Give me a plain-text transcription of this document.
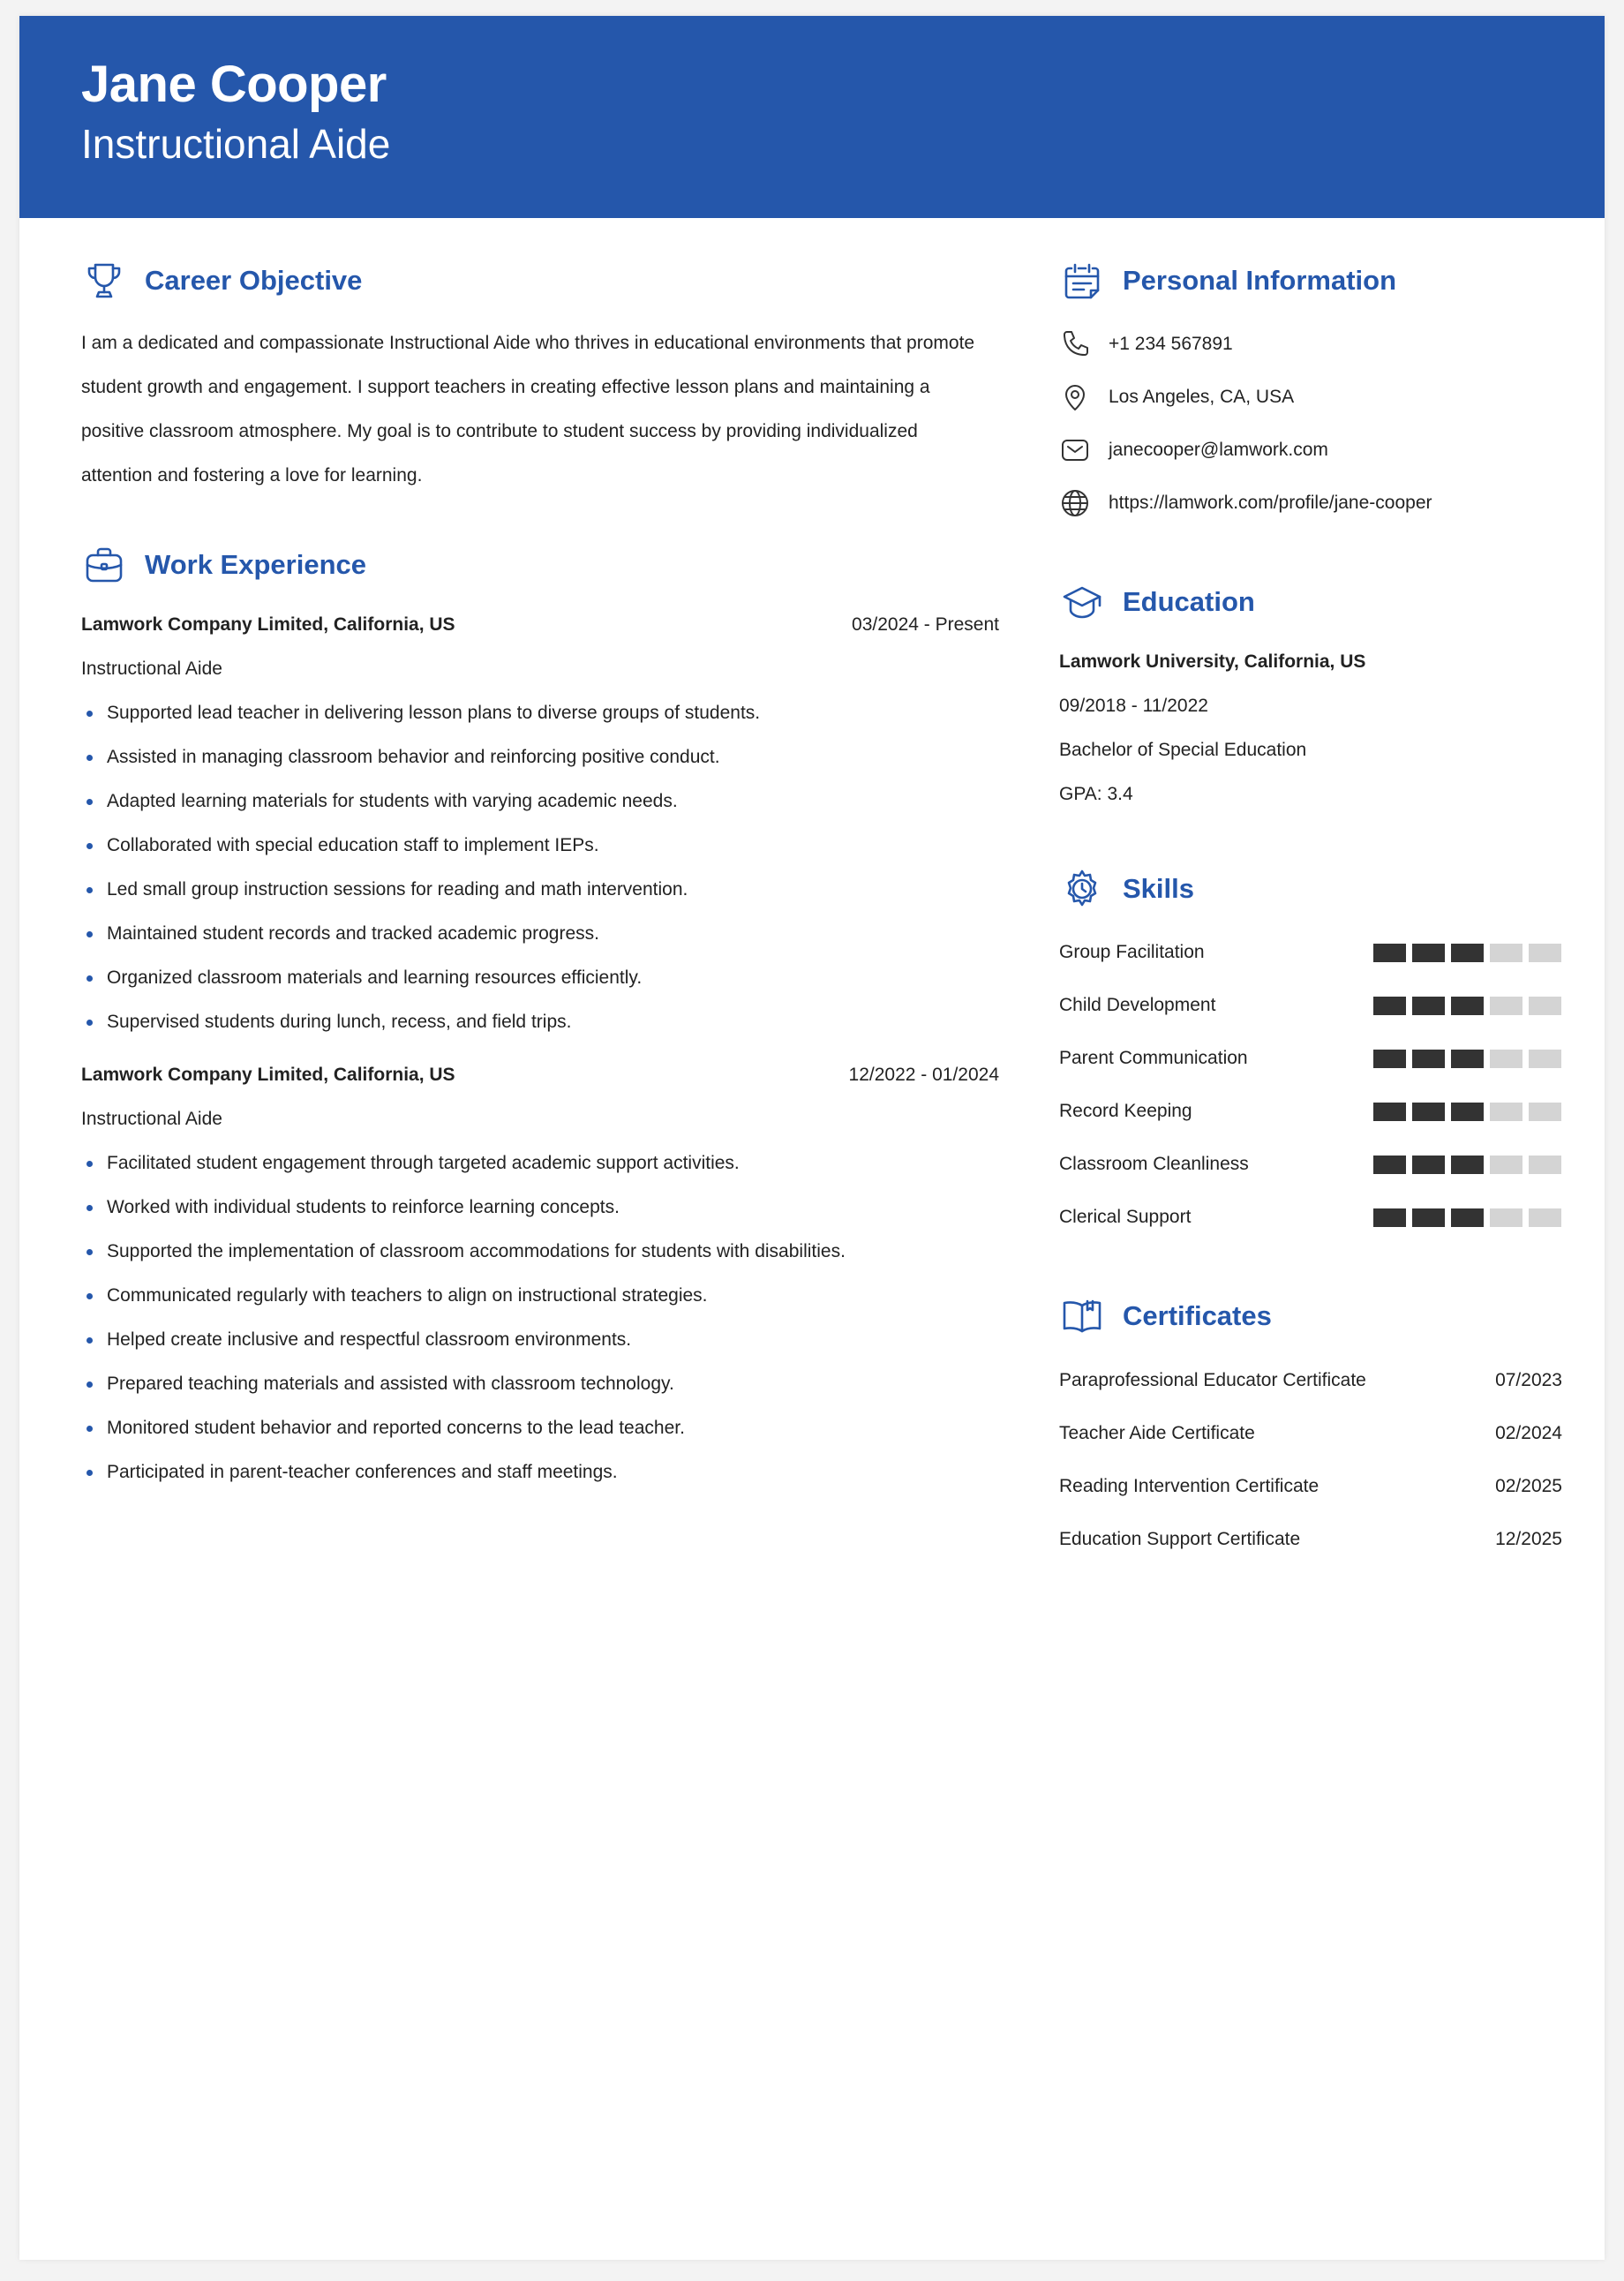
Jane Cooper
Instructional Aide
Career Objective
I am a dedicated and compassionate Instructional Aide who thrives in educational environments that promote
student growth and engagement. I support teachers in creating effective lesson plans and maintaining a
positive classroom atmosphere. My goal is to contribute to student success by providing individualized
attention and fostering a love for learning.
Work Experience
Lamwork Company Limited, California, US	03/2024 - Present
Instructional Aide
Supported lead teacher in delivering lesson plans to diverse groups of students.
Assisted in managing classroom behavior and reinforcing positive conduct.
Adapted learning materials for students with varying academic needs.
Collaborated with special education staff to implement IEPs.
Led small group instruction sessions for reading and math intervention.
Maintained student records and tracked academic progress.
Organized classroom materials and learning resources efficiently.
Supervised students during lunch, recess, and field trips.
Lamwork Company Limited, California, US	12/2022 - 01/2024
Instructional Aide
Facilitated student engagement through targeted academic support activities.
Worked with individual students to reinforce learning concepts.
Supported the implementation of classroom accommodations for students with disabilities.
Communicated regularly with teachers to align on instructional strategies.
Helped create inclusive and respectful classroom environments.
Prepared teaching materials and assisted with classroom technology.
Monitored student behavior and reported concerns to the lead teacher.
Participated in parent-teacher conferences and staff meetings.
Personal Information
+1 234 567891
Los Angeles, CA, USA
janecooper@lamwork.com
https://lamwork.com/profile/jane-cooper
Education
Lamwork University, California, US
09/2018 - 11/2022
Bachelor of Special Education
GPA: 3.4
Skills
Group Facilitation
Child Development
Parent Communication
Record Keeping
Classroom Cleanliness
Clerical Support
Certificates
Paraprofessional Educator Certificate	07/2023
Teacher Aide Certificate	02/2024
Reading Intervention Certificate	02/2025
Education Support Certificate	12/2025
